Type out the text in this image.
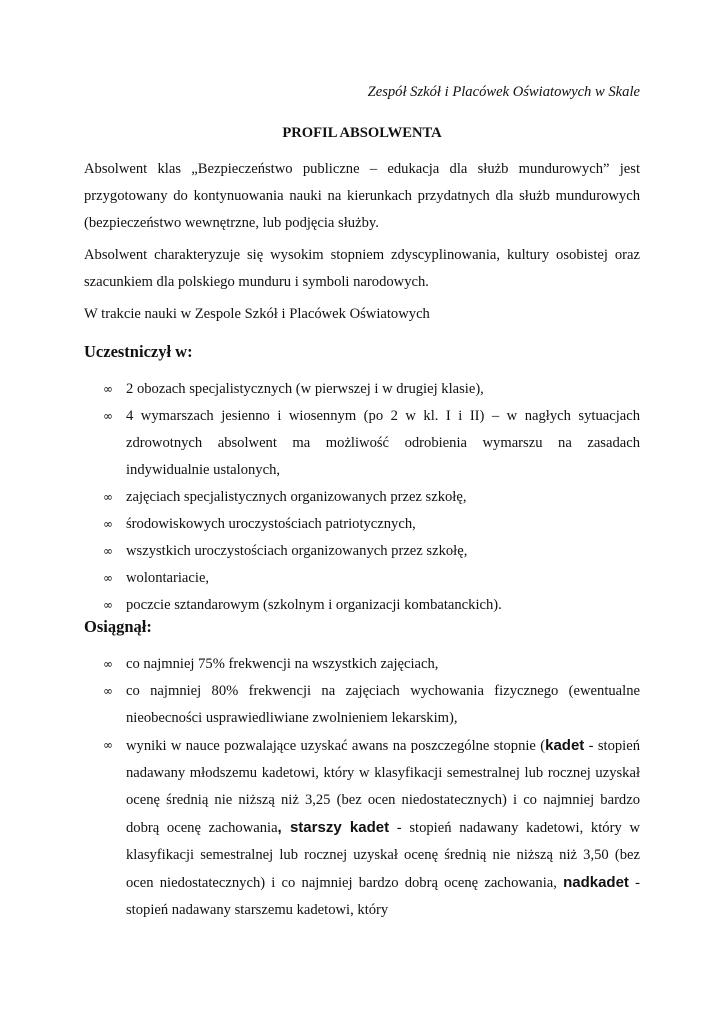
Zespół Szkół i Placówek Oświatowych w Skale
PROFIL ABSOLWENTA

Absolwent klas „Bezpieczeństwo publiczne – edukacja dla służb mundurowych” jest przygotowany do kontynuowania nauki na kierunkach przydatnych dla służb mundurowych (bezpieczeństwo wewnętrzne, lub podjęcia służby.

Absolwent charakteryzuje się wysokim stopniem zdyscyplinowania, kultury osobistej oraz szacunkiem dla polskiego munduru i symboli narodowych.

W trakcie nauki w Zespole Szkół i Placówek Oświatowych

Uczestniczył w:

∞ 2 obozach specjalistycznych (w pierwszej i w drugiej klasie),
∞ 4 wymarszach jesienno i wiosennym (po 2 w kl. I i II) – w nagłych sytuacjach zdrowotnych absolwent ma możliwość odrobienia wymarszu na zasadach indywidualnie ustalonych,
∞ zajęciach specjalistycznych organizowanych przez szkołę,
∞ środowiskowych uroczystościach patriotycznych,
∞ wszystkich uroczystościach organizowanych przez szkołę,
∞ wolontariacie,
∞ poczcie sztandarowym (szkolnym i organizacji kombatanckich).

Osiągnął:

∞ co najmniej 75% frekwencji na wszystkich zajęciach,
∞ co najmniej 80% frekwencji na zajęciach wychowania fizycznego (ewentualne nieobecności usprawiedliwiane zwolnieniem lekarskim),
∞ wyniki w nauce pozwalające uzyskać awans na poszczególne stopnie (kadet - stopień nadawany młodszemu kadetowi, który w klasyfikacji semestralnej lub rocznej uzyskał ocenę średnią nie niższą niż 3,25 (bez ocen niedostatecznych) i co najmniej bardzo dobrą ocenę zachowania, starszy kadet - stopień nadawany kadetowi, który w klasyfikacji semestralnej lub rocznej uzyskał ocenę średnią nie niższą niż 3,50 (bez ocen niedostatecznych) i co najmniej bardzo dobrą ocenę zachowania, nadkadet - stopień nadawany starszemu kadetowi, który
